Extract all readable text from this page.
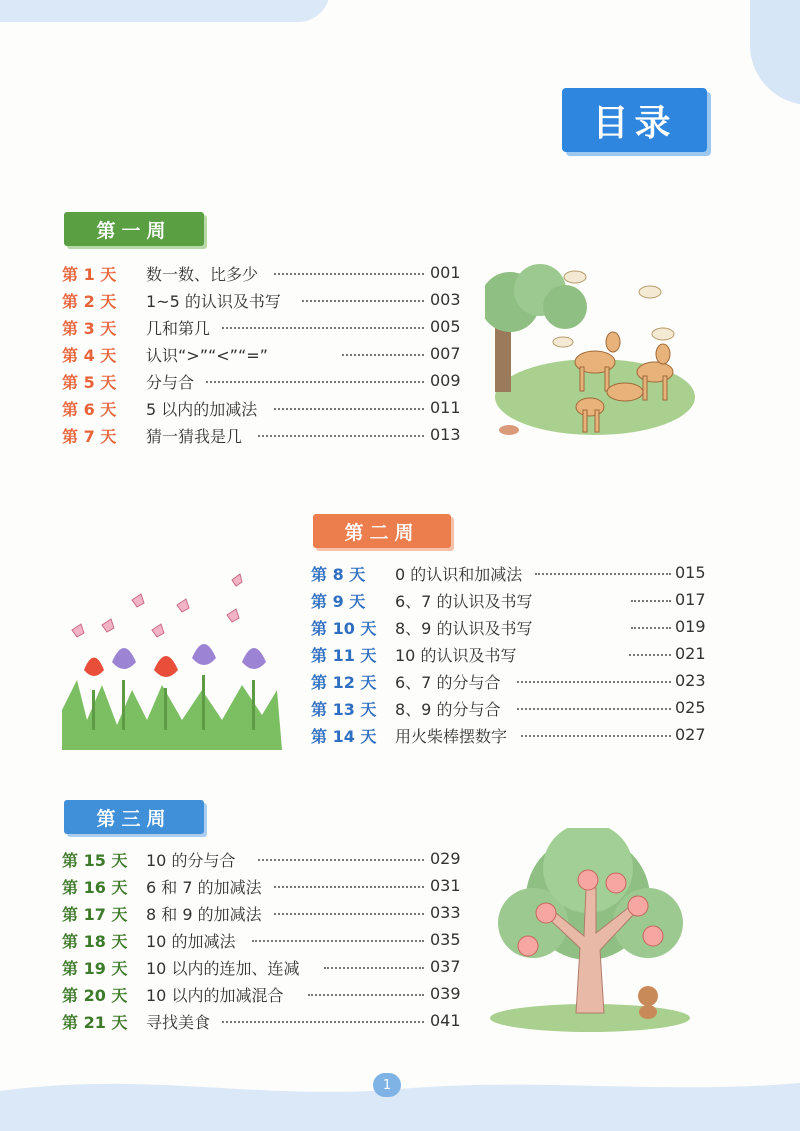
目录
第一周
第二周
第三周
第 1 天 数一数、比多少	001
第 2 天 1~5 的认识及书写	003
第 3 天 几和第几	005
第 4 天 认识“>”“<”“=”	007
第 5 天 分与合	009
第 6 天 5 以内的加减法	011
第 7 天 猜一猜我是几	013
第 8 天 0 的认识和加减法	015
第 9 天 6、7 的认识及书写	017
第 10 天 8、9 的认识及书写	019
第 11 天 10 的认识及书写	021
第 12 天 6、7 的分与合	023
第 13 天 8、9 的分与合	025
第 14 天 用火柴棒摆数字	027
第 15 天 10 的分与合	029
第 16 天 6 和 7 的加减法	031
第 17 天 8 和 9 的加减法	033
第 18 天 10 的加减法	035
第 19 天 10 以内的连加、连减	037
第 20 天 10 以内的加减混合	039
第 21 天 寻找美食	041
1
